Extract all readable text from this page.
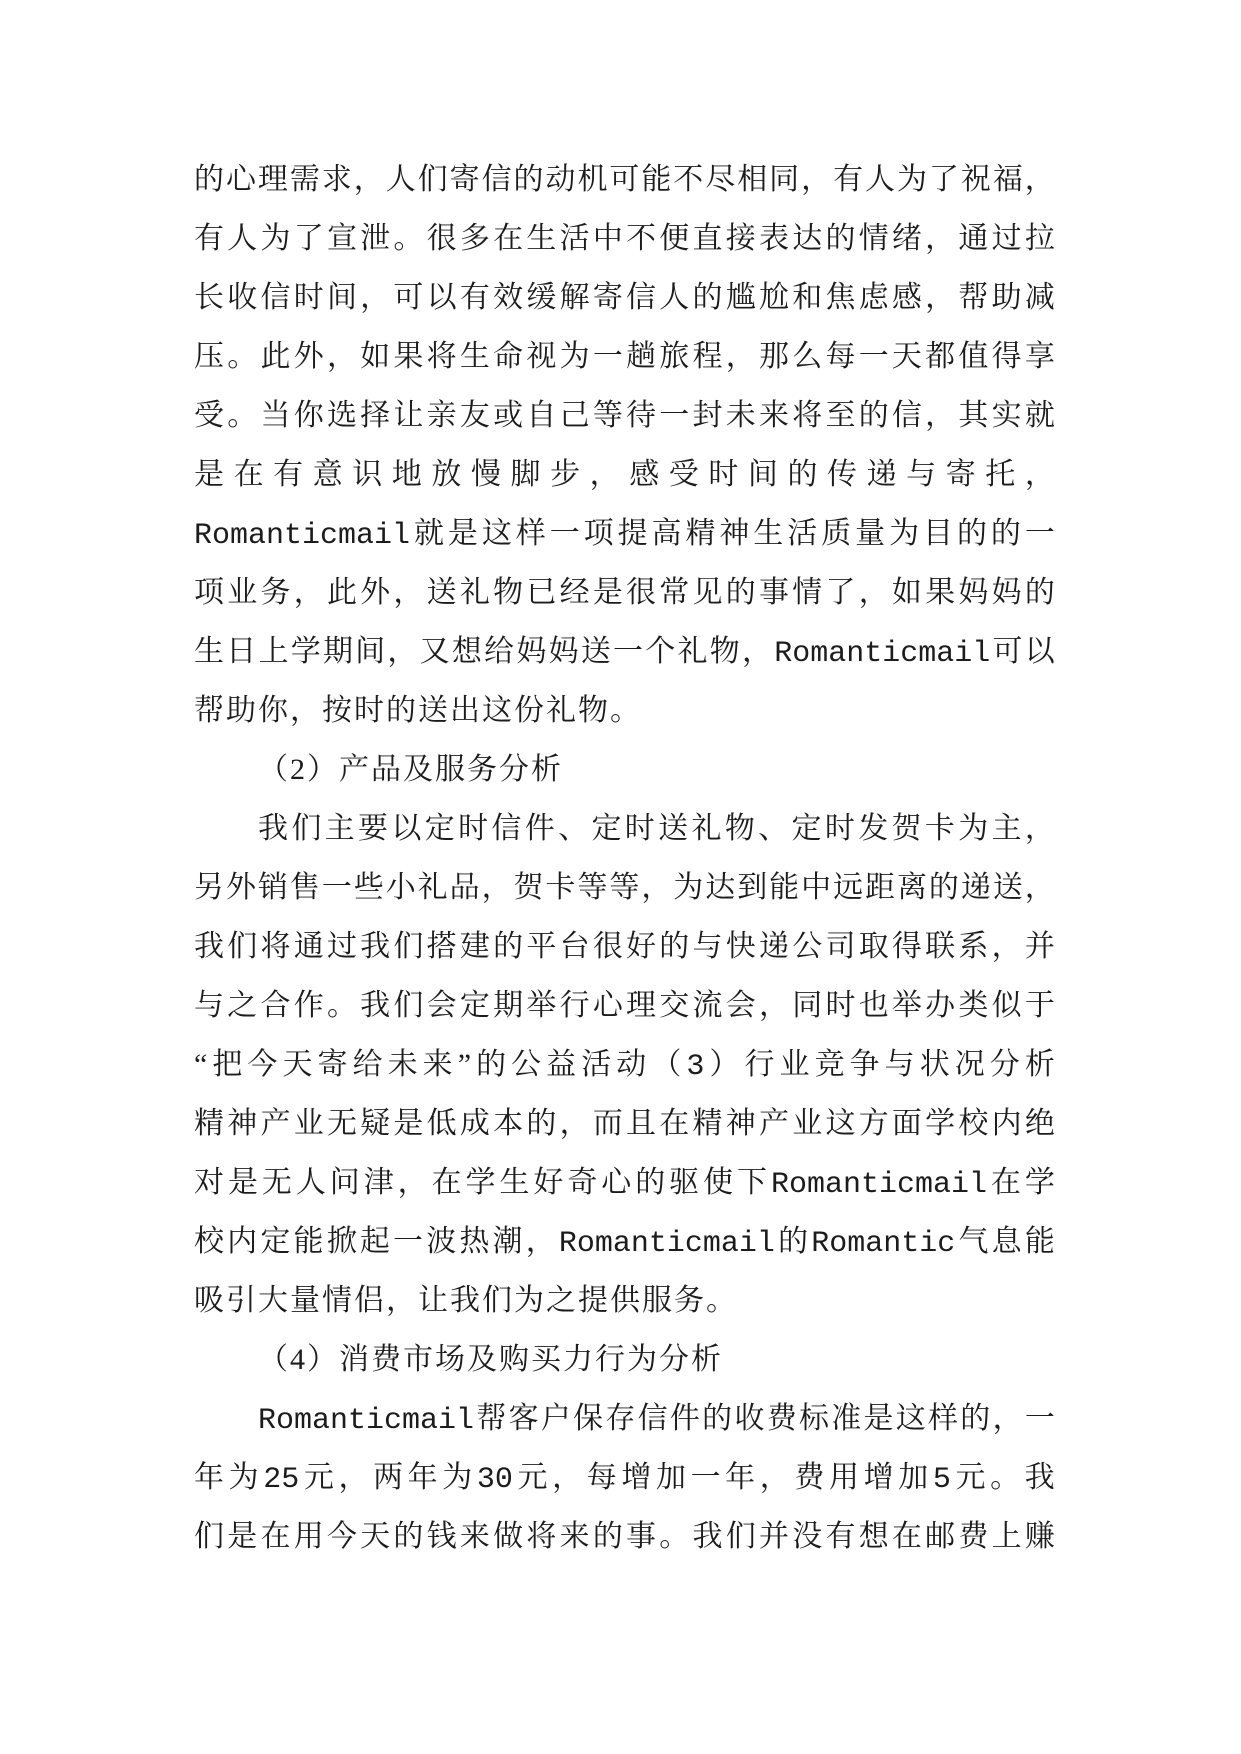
的 心 理 需 求 ， 人 们 寄 信 的 动 机 可 能 不 尽 相 同 ， 有 人 为 了 祝 福 ，
有 人 为 了 宣 泄 。 很 多 在 生 活 中 不 便 直 接 表 达 的 情 绪 ， 通 过 拉
长 收 信 时 间 ， 可 以 有 效 缓 解 寄 信 人 的 尴 尬 和 焦 虑 感 ， 帮 助 减
压 。 此 外 ， 如 果 将 生 命 视 为 一 趟 旅 程 ， 那 么 每 一 天 都 值 得 享
受 。 当 你 选 择 让 亲 友 或 自 己 等 待 一 封 未 来 将 至 的 信 ， 其 实 就
是 在 有 意 识 地 放 慢 脚 步 ， 感 受 时 间 的 传 递 与 寄 托 ，
Romanticmail 就 是 这 样 一 项 提 高 精 神 生 活 质 量 为 目 的 的 一
项 业 务 ， 此 外 ， 送 礼 物 已 经 是 很 常 见 的 事 情 了 ， 如 果 妈 妈 的
生 日 上 学 期 间 ， 又 想 给 妈 妈 送 一 个 礼 物 ， Romanticmail 可 以
帮助你，按时的送出这份礼物。
（2）产品及服务分析
我 们 主 要 以 定 时 信 件 、 定 时 送 礼 物 、 定 时 发 贺 卡 为 主 ，
另 外 销 售 一 些 小 礼 品 ， 贺 卡 等 等 ， 为 达 到 能 中 远 距 离 的 递 送 ，
我 们 将 通 过 我 们 搭 建 的 平 台 很 好 的 与 快 递 公 司 取 得 联 系 ， 并
与 之 合 作 。 我 们 会 定 期 举 行 心 理 交 流 会 ， 同 时 也 举 办 类 似 于
“ 把 今 天 寄 给 未 来 ” 的 公 益 活 动 （ 3 ） 行 业 竞 争 与 状 况 分 析
精 神 产 业 无 疑 是 低 成 本 的 ， 而 且 在 精 神 产 业 这 方 面 学 校 内 绝
对 是 无 人 问 津 ， 在 学 生 好 奇 心 的 驱 使 下 Romanticmail 在 学
校 内 定 能 掀 起 一 波 热 潮 ， Romanticmail 的 Romantic 气 息 能
吸引大量情侣，让我们为之提供服务。
（4）消费市场及购买力行为分析
Romanticmail 帮 客 户 保 存 信 件 的 收 费 标 准 是 这 样 的 ， 一
年 为 25 元 ， 两 年 为 30 元 ， 每 增 加 一 年 ， 费 用 增 加 5 元 。 我
们 是 在 用 今 天 的 钱 来 做 将 来 的 事 。 我 们 并 没 有 想 在 邮 费 上 赚
